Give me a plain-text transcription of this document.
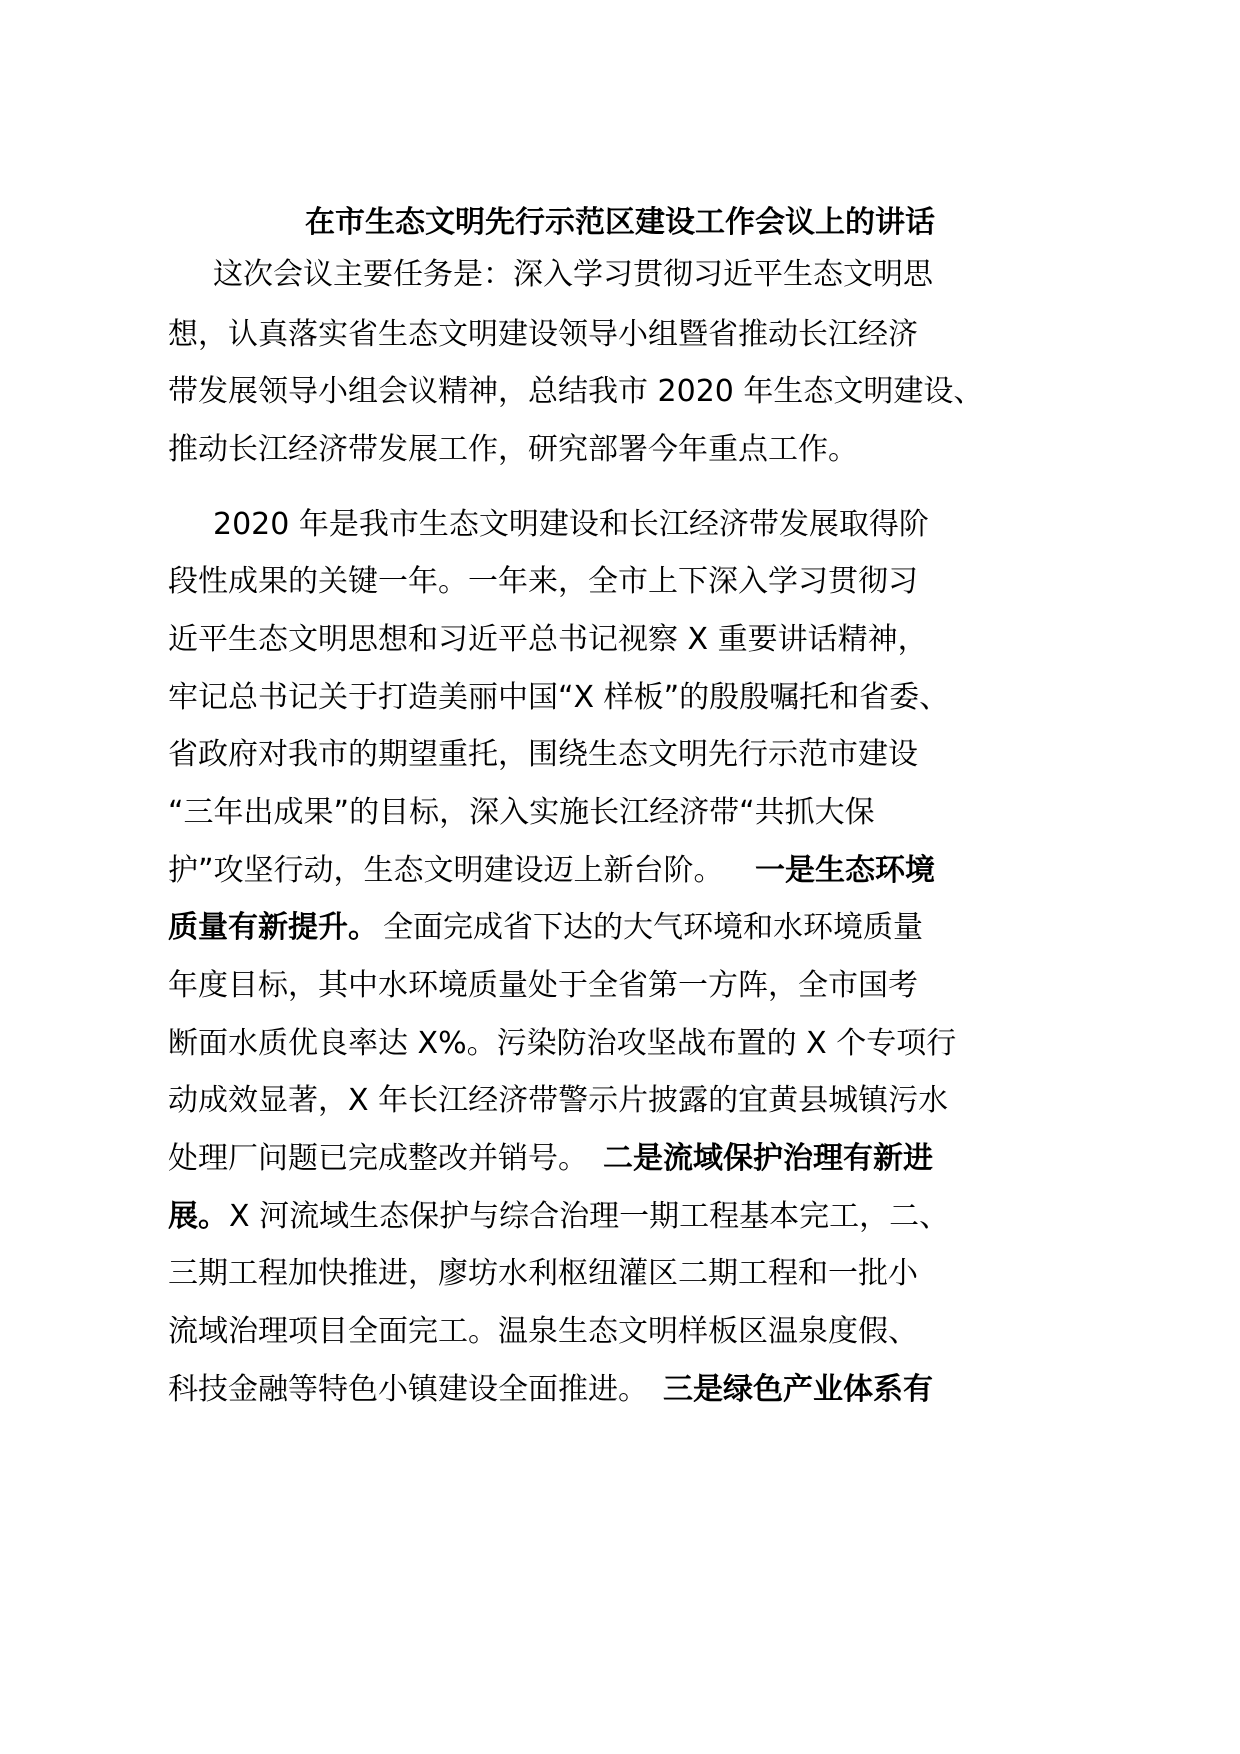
在市生态文明先行示范区建设工作会议上的讲话
这次会议主要任务是：深入学习贯彻习近平生态文明思
想，认真落实省生态文明建设领导小组暨省推动长江经济
带发展领导小组会议精神，总结我市 2020 年生态文明建设、
推动长江经济带发展工作，研究部署今年重点工作。
2020 年是我市生态文明建设和长江经济带发展取得阶
段性成果的关键一年。一年来，全市上下深入学习贯彻习
近平生态文明思想和习近平总书记视察 X 重要讲话精神，
牢记总书记关于打造美丽中国“X 样板”的殷殷嘱托和省委、
省政府对我市的期望重托，围绕生态文明先行示范市建设
“三年出成果”的目标，深入实施长江经济带“共抓大保
护”攻坚行动，生态文明建设迈上新台阶。 一是生态环境
质量有新提升。 全面完成省下达的大气环境和水环境质量
年度目标，其中水环境质量处于全省第一方阵，全市国考
断面水质优良率达 X%。污染防治攻坚战布置的 X 个专项行
动成效显著，X 年长江经济带警示片披露的宜黄县城镇污水
处理厂问题已完成整改并销号。 二是流域保护治理有新进
展。 X 河流域生态保护与综合治理一期工程基本完工，二、
三期工程加快推进，廖坊水利枢纽灌区二期工程和一批小
流域治理项目全面完工。温泉生态文明样板区温泉度假、
科技金融等特色小镇建设全面推进。 三是绿色产业体系有
